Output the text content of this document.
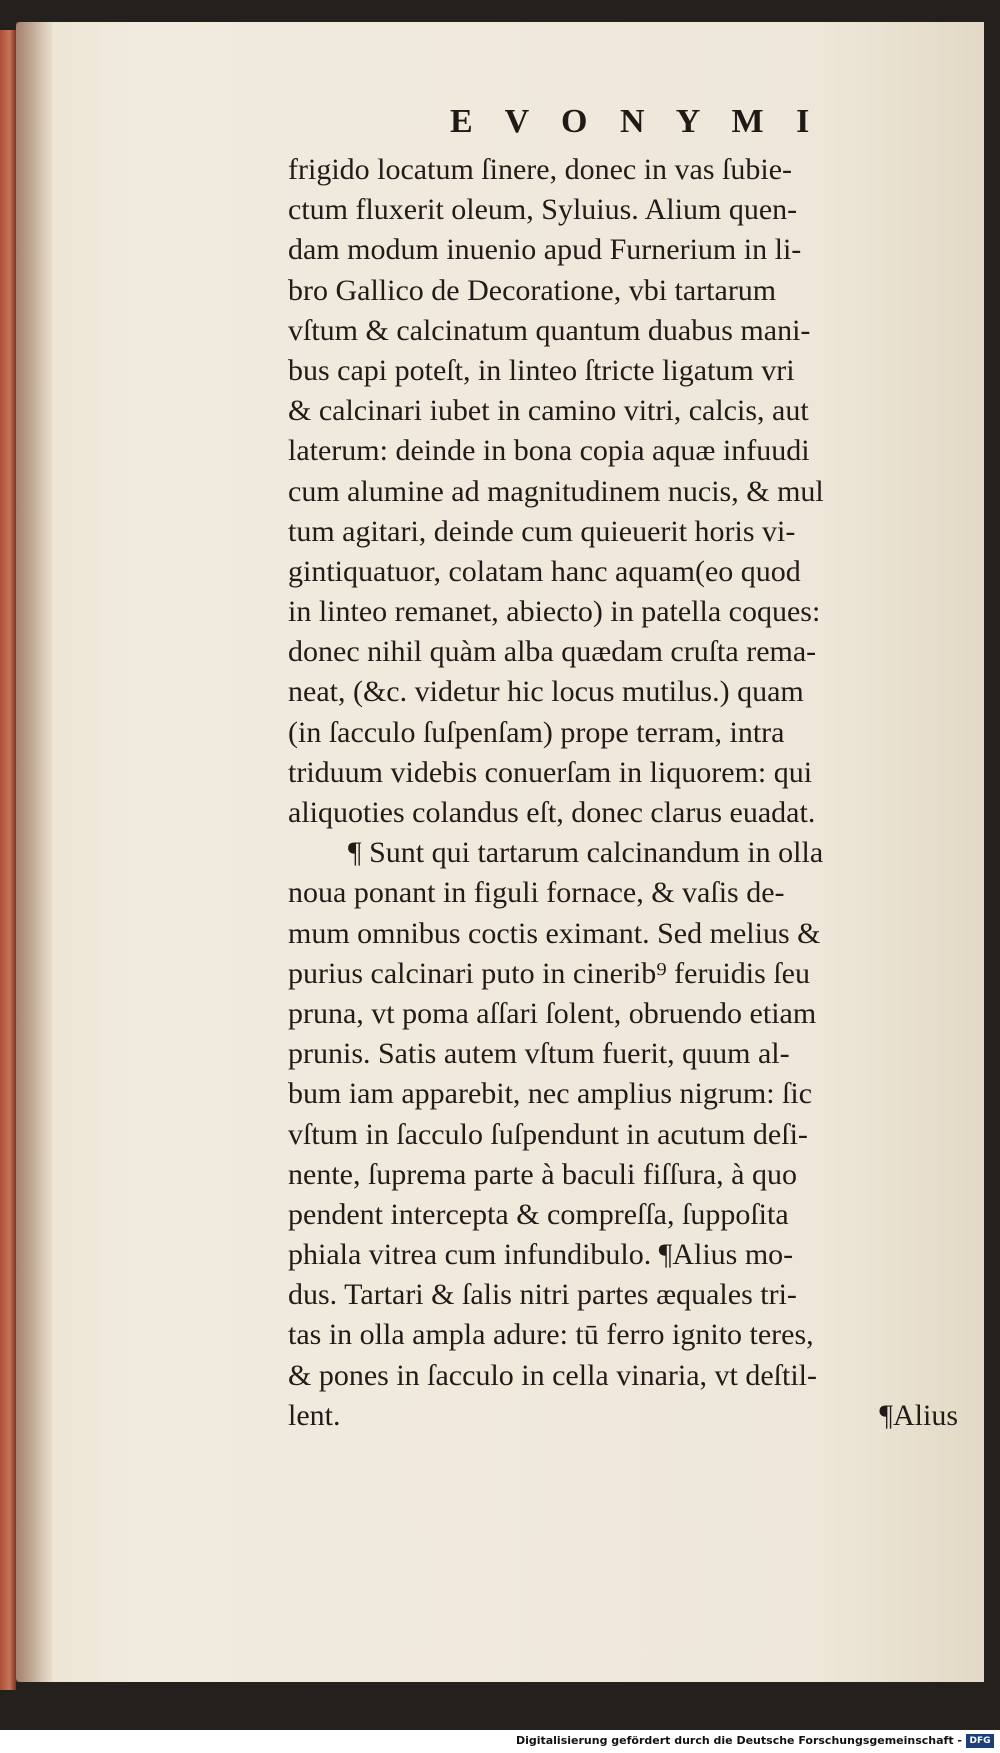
E V O N Y M I
frigido locatum ſinere, donec in vas ſubie-
ctum fluxerit oleum, Syluius. Alium quen-
dam modum inuenio apud Furnerium in li-
bro Gallico de Decoratione, vbi tartarum
vſtum & calcinatum quantum duabus mani-
bus capi poteſt, in linteo ſtricte ligatum vri
& calcinari iubet in camino vitri, calcis, aut
laterum: deinde in bona copia aquæ infuudi
cum alumine ad magnitudinem nucis, & mul
tum agitari, deinde cum quieuerit horis vi-
gintiquatuor, colatam hanc aquam(eo quod
in linteo remanet, abiecto) in patella coques:
donec nihil quàm alba quædam cruſta rema-
neat, (&c. videtur hic locus mutilus.) quam
(in ſacculo ſuſpenſam) prope terram, intra
triduum videbis conuerſam in liquorem: qui
aliquoties colandus eſt, donec clarus euadat.
¶ Sunt qui tartarum calcinandum in olla
noua ponant in figuli fornace, & vaſis de-
mum omnibus coctis eximant. Sed melius &
purius calcinari puto in cinerib⁹ feruidis ſeu
pruna, vt poma aſſari ſolent, obruendo etiam
prunis. Satis autem vſtum fuerit, quum al-
bum iam apparebit, nec amplius nigrum: ſic
vſtum in ſacculo ſuſpendunt in acutum deſi-
nente, ſuprema parte à baculi fiſſura, à quo
pendent intercepta & compreſſa, ſuppoſita
phiala vitrea cum infundibulo. ¶Alius mo-
dus. Tartari & ſalis nitri partes æquales tri-
tas in olla ampla adure: tū ferro ignito teres,
& pones in ſacculo in cella vinaria, vt deſtil-
lent.	¶Alius
Digitalisierung gefördert durch die Deutsche Forschungsgemeinschaft - DFG
